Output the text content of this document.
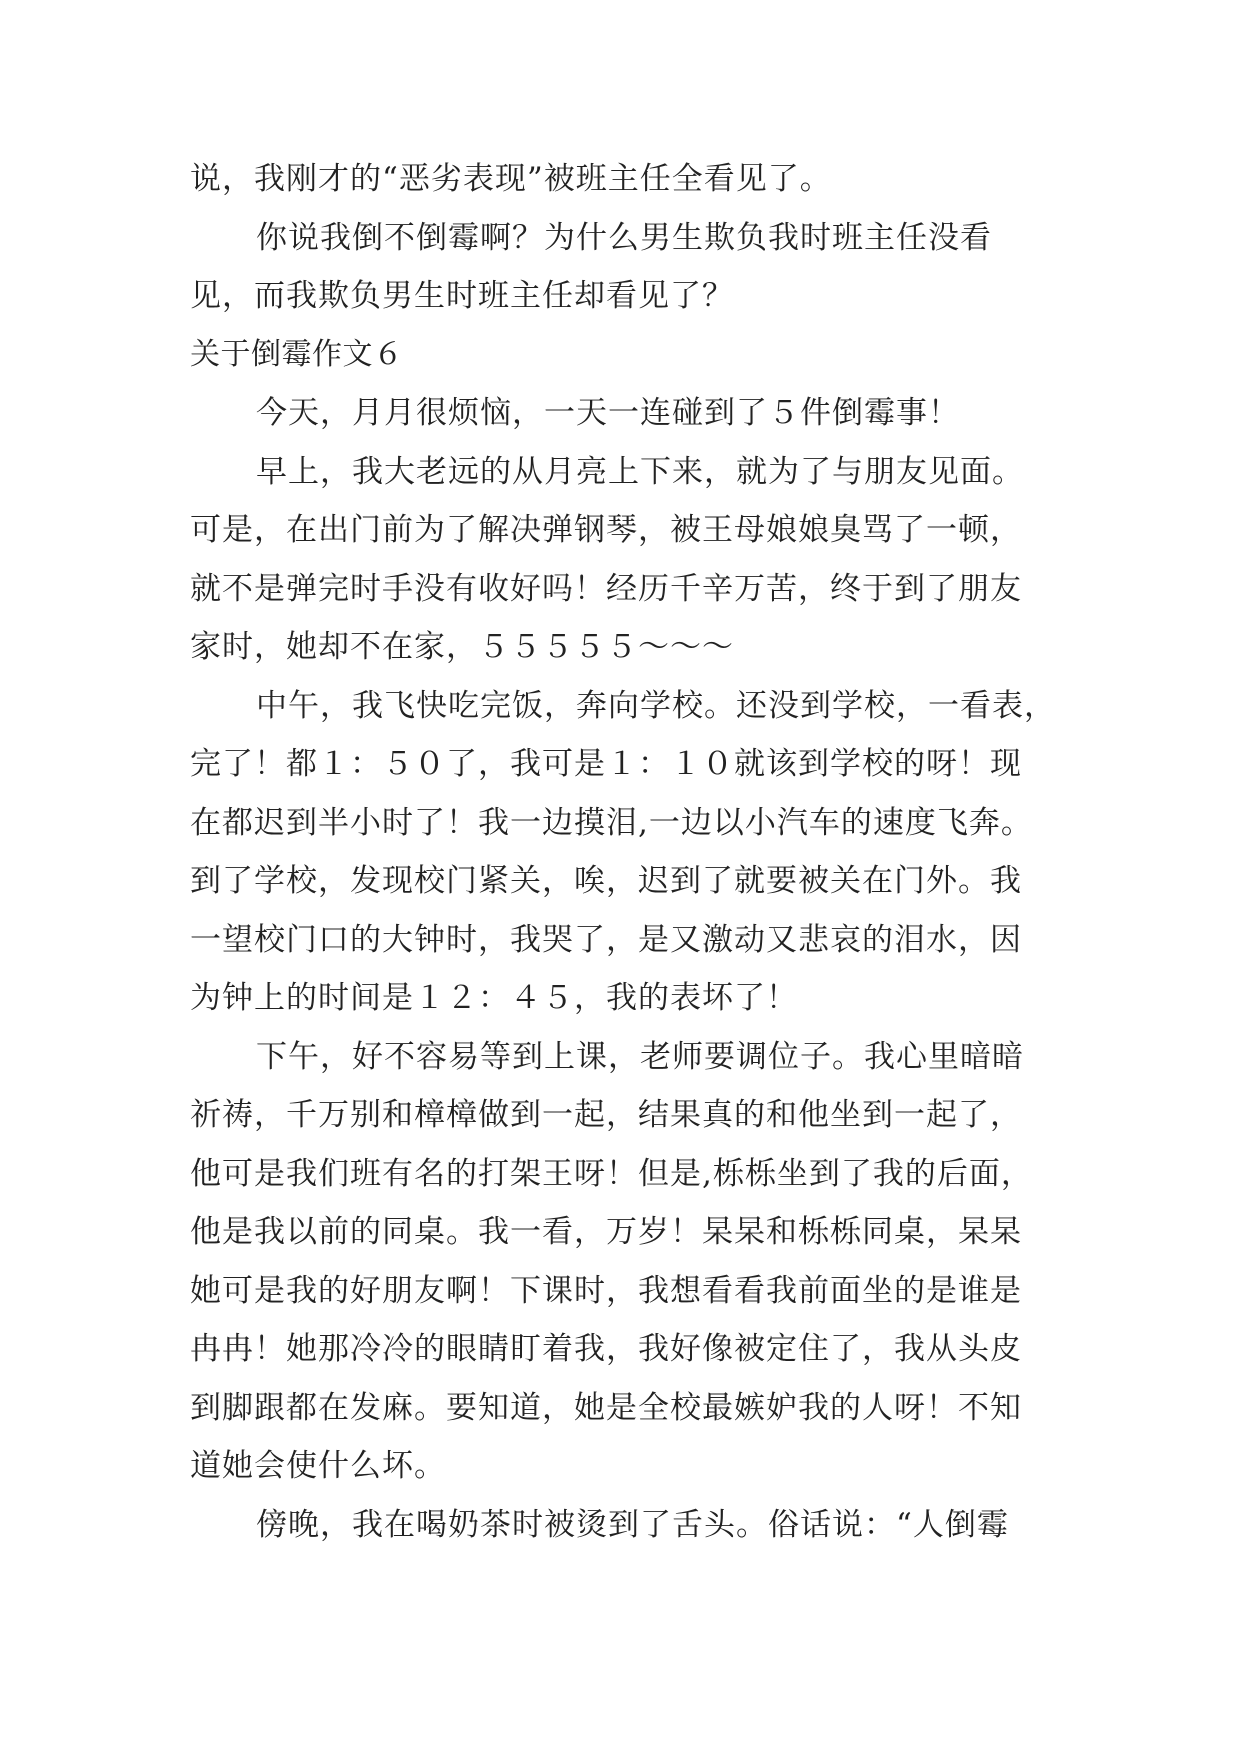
说，我刚才的“恶劣表现”被班主任全看见了。
你说我倒不倒霉啊？为什么男生欺负我时班主任没看
见，而我欺负男生时班主任却看见了？
关于倒霉作文６
今天，月月很烦恼，一天一连碰到了５件倒霉事！
早上，我大老远的从月亮上下来，就为了与朋友见面。
可是，在出门前为了解决弹钢琴，被王母娘娘臭骂了一顿，
就不是弹完时手没有收好吗！经历千辛万苦，终于到了朋友
家时，她却不在家，５５５５５～～～
中午，我飞快吃完饭，奔向学校。还没到学校，一看表，
完了！都１：５０了，我可是１：１０就该到学校的呀！现
在都迟到半小时了！我一边摸泪,一边以小汽车的速度飞奔。
到了学校，发现校门紧关，唉，迟到了就要被关在门外。我
一望校门口的大钟时，我哭了，是又激动又悲哀的泪水，因
为钟上的时间是１２：４５，我的表坏了！
下午，好不容易等到上课，老师要调位子。我心里暗暗
祈祷，千万别和樟樟做到一起，结果真的和他坐到一起了，
他可是我们班有名的打架王呀！但是,栎栎坐到了我的后面，
他是我以前的同桌。我一看，万岁！杲杲和栎栎同桌，杲杲
她可是我的好朋友啊！下课时，我想看看我前面坐的是谁是
冉冉！她那冷冷的眼睛盯着我，我好像被定住了，我从头皮
到脚跟都在发麻。要知道，她是全校最嫉妒我的人呀！不知
道她会使什么坏。
傍晚，我在喝奶茶时被烫到了舌头。俗话说：“人倒霉
